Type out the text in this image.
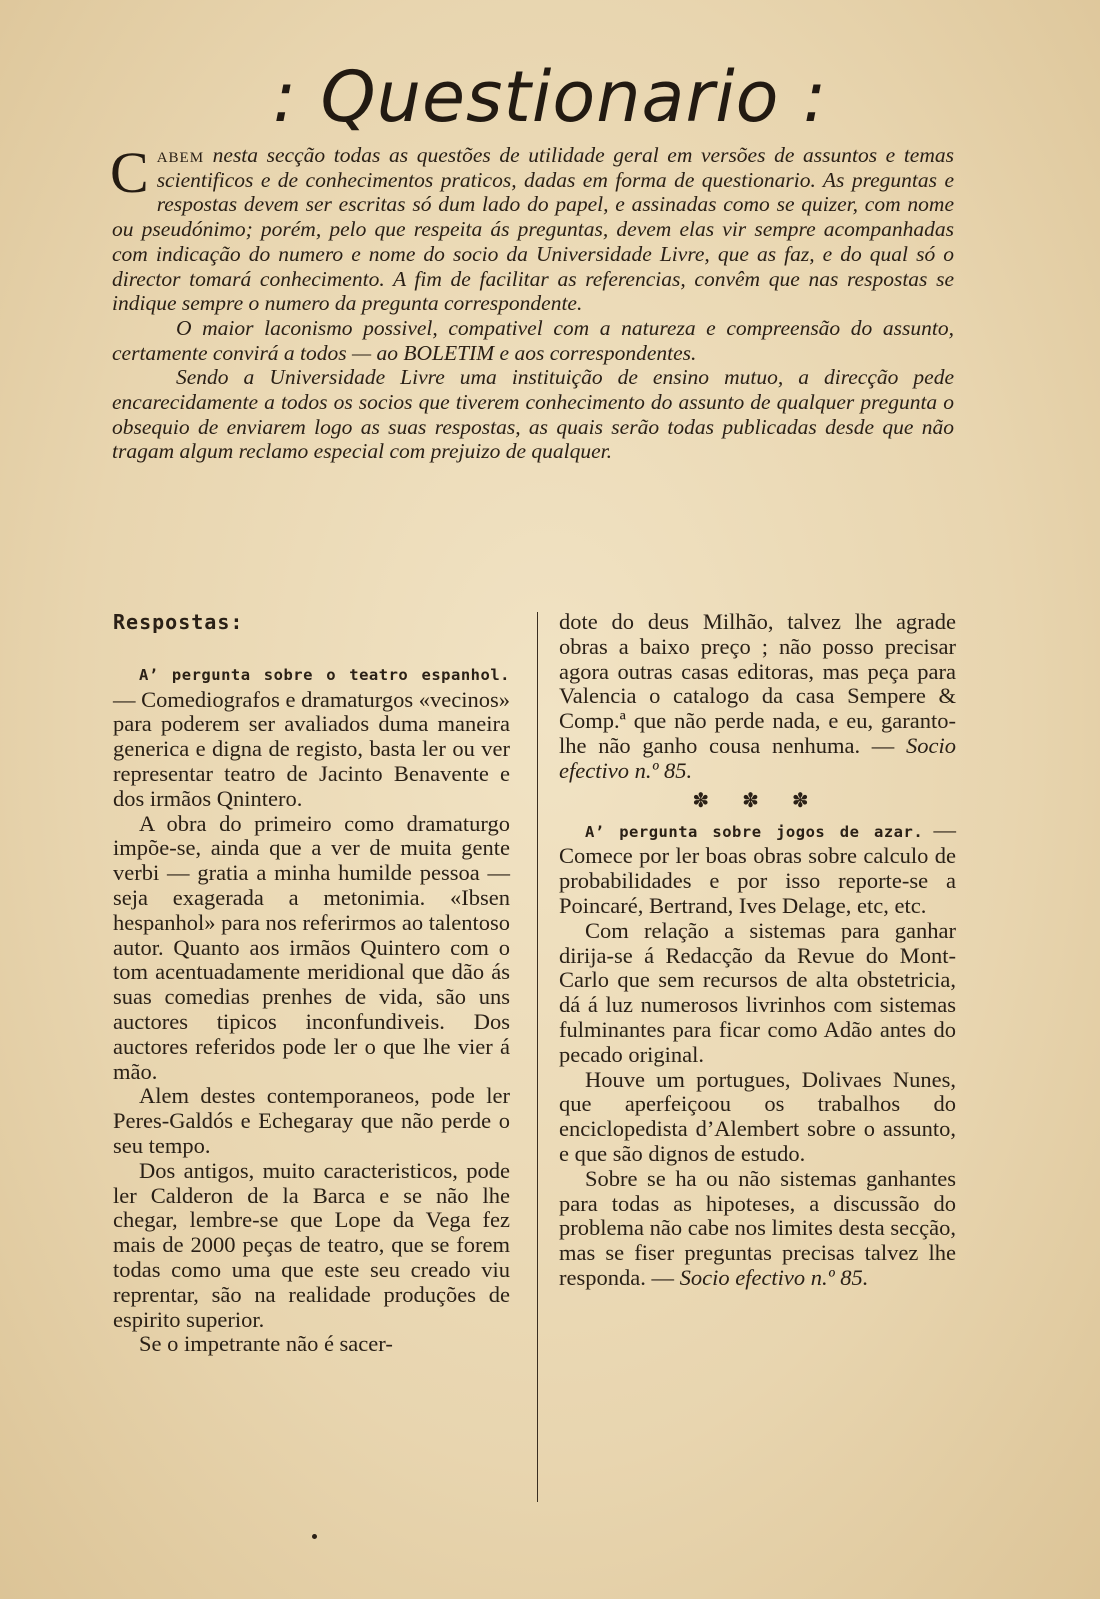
: Questionario :

Cabem nesta secção todas as questões de utilidade geral em versões de assuntos e temas scientificos e de conhecimentos praticos, dadas em forma de questionario. As preguntas e respostas devem ser escritas só dum lado do papel, e assinadas como se quizer, com nome ou pseudónimo; porém, pelo que respeita ás preguntas, devem elas vir sempre acompanhadas com indicação do numero e nome do socio da Universidade Livre, que as faz, e do qual só o director tomará conhecimento. A fim de facilitar as referencias, convêm que nas respostas se indique sempre o numero da pregunta correspondente.

O maior laconismo possivel, compativel com a natureza e compreensão do assunto, certamente convirá a todos — ao BOLETIM e aos correspondentes.

Sendo a Universidade Livre uma instituição de ensino mutuo, a direcção pede encarecidamente a todos os socios que tiverem conhecimento do assunto de qualquer pregunta o obsequio de enviarem logo as suas respostas, as quais serão todas publicadas desde que não tragam algum reclamo especial com prejuizo de qualquer.

Respostas:

A’ pergunta sobre o teatro espanhol. — Comediografos e dramaturgos «vecinos» para poderem ser avaliados duma maneira generica e digna de registo, basta ler ou ver representar teatro de Jacinto Benavente e dos irmãos Qnintero.

A obra do primeiro como dramaturgo impõe-se, ainda que a ver de muita gente verbi — gratia a minha humilde pessoa — seja exagerada a metonimia. «Ibsen hespanhol» para nos referirmos ao talentoso autor. Quanto aos irmãos Quintero com o tom acentuadamente meridional que dão ás suas comedias prenhes de vida, são uns auctores tipicos inconfundiveis. Dos auctores referidos pode ler o que lhe vier á mão.

Alem destes contemporaneos, pode ler Peres-Galdós e Echegaray que não perde o seu tempo.

Dos antigos, muito caracteristicos, pode ler Calderon de la Barca e se não lhe chegar, lembre-se que Lope da Vega fez mais de 2000 peças de teatro, que se forem todas como uma que este seu creado viu reprentar, são na realidade produções de espirito superior.

Se o impetrante não é sacer-

dote do deus Milhão, talvez lhe agrade obras a baixo preço ; não posso precisar agora outras casas editoras, mas peça para Valencia o catalogo da casa Sempere & Comp.ª que não perde nada, e eu, garanto-lhe não ganho cousa nenhuma. — Socio efectivo n.º 85.

✽ ✽ ✽

A’ pergunta sobre jogos de azar. — Comece por ler boas obras sobre calculo de probabilidades e por isso reporte-se a Poincaré, Bertrand, Ives Delage, etc, etc.

Com relação a sistemas para ganhar dirija-se á Redacção da Revue do Mont-Carlo que sem recursos de alta obstetricia, dá á luz numerosos livrinhos com sistemas fulminantes para ficar como Adão antes do pecado original.

Houve um portugues, Dolivaes Nunes, que aperfeiçoou os trabalhos do enciclopedista d’Alembert sobre o assunto, e que são dignos de estudo.

Sobre se ha ou não sistemas ganhantes para todas as hipoteses, a discussão do problema não cabe nos limites desta secção, mas se fiser preguntas precisas talvez lhe responda. — Socio efectivo n.º 85.
